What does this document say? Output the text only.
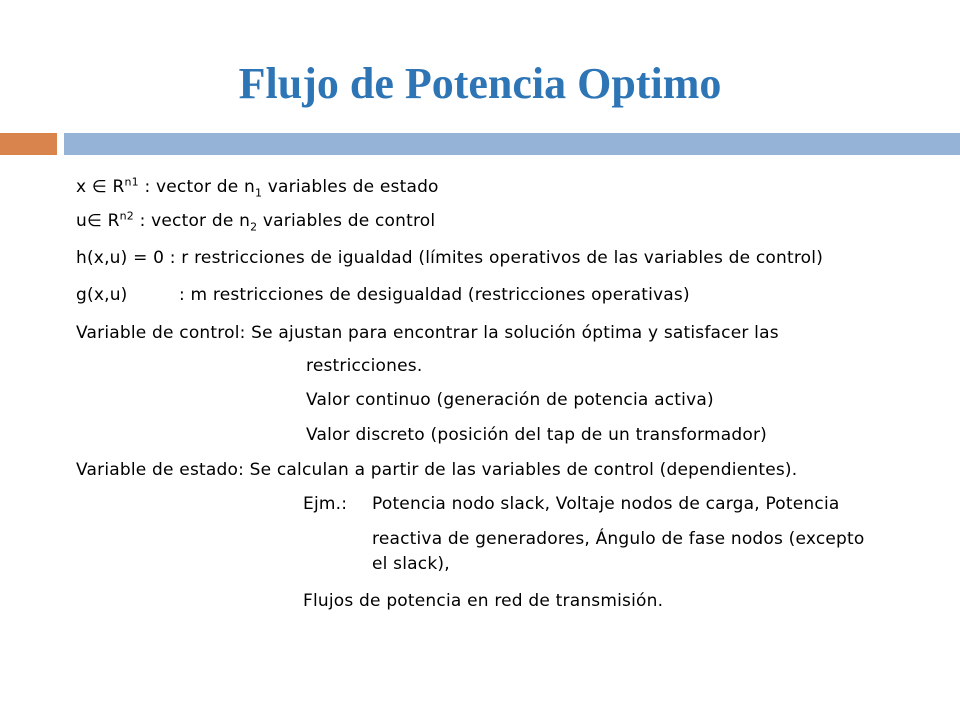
Flujo de Potencia Optimo
x ∈ $R^{n1}$ : vector de $n_1$ variables de estado
u∈ $R^{n2}$ : vector de $n_2$ variables de control
h(x,u) = 0 : r restricciones de igualdad (límites operativos de las variables de control)
g(x,u)	: m restricciones de desigualdad (restricciones operativas)
Variable de control: Se ajustan para encontrar la solución óptima y satisfacer las
restricciones.
Valor continuo (generación de potencia activa)
Valor discreto (posición del tap de un transformador)
Variable de estado: Se calculan a partir de las variables de control (dependientes).
Ejm.: Potencia nodo slack, Voltaje nodos de carga, Potencia
reactiva de generadores, Ángulo de fase nodos (excepto
el slack),
Flujos de potencia en red de transmisión.
